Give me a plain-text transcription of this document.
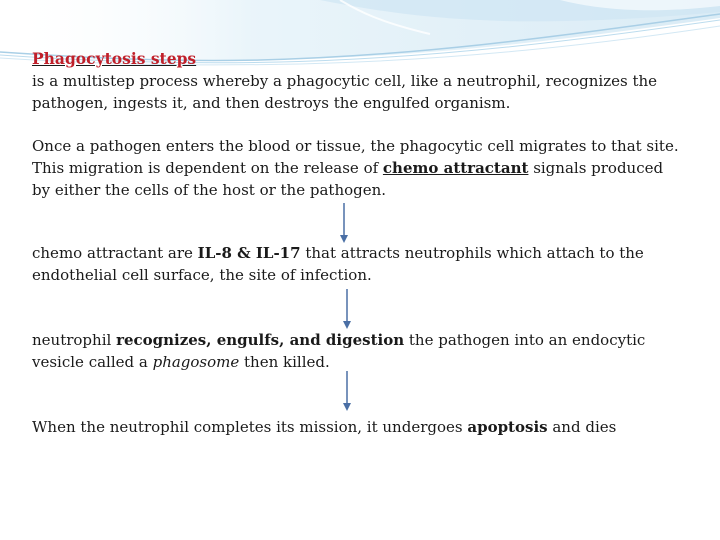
Phagocytosis steps

is a multistep process whereby a phagocytic cell, like a neutrophil, recognizes the pathogen, ingests it, and then destroys the engulfed organism.

Once a pathogen enters the blood or tissue, the phagocytic cell migrates to that site. This migration is dependent on the release of chemo attractant signals produced by either the cells of the host or the pathogen.

chemo attractant are IL-8 & IL-17 that attracts neutrophils which attach to the endothelial cell surface, the site of infection.

neutrophil recognizes, engulfs, and digestion the pathogen into an endocytic vesicle called a phagosome then killed.

When the neutrophil completes its mission, it undergoes apoptosis and dies
